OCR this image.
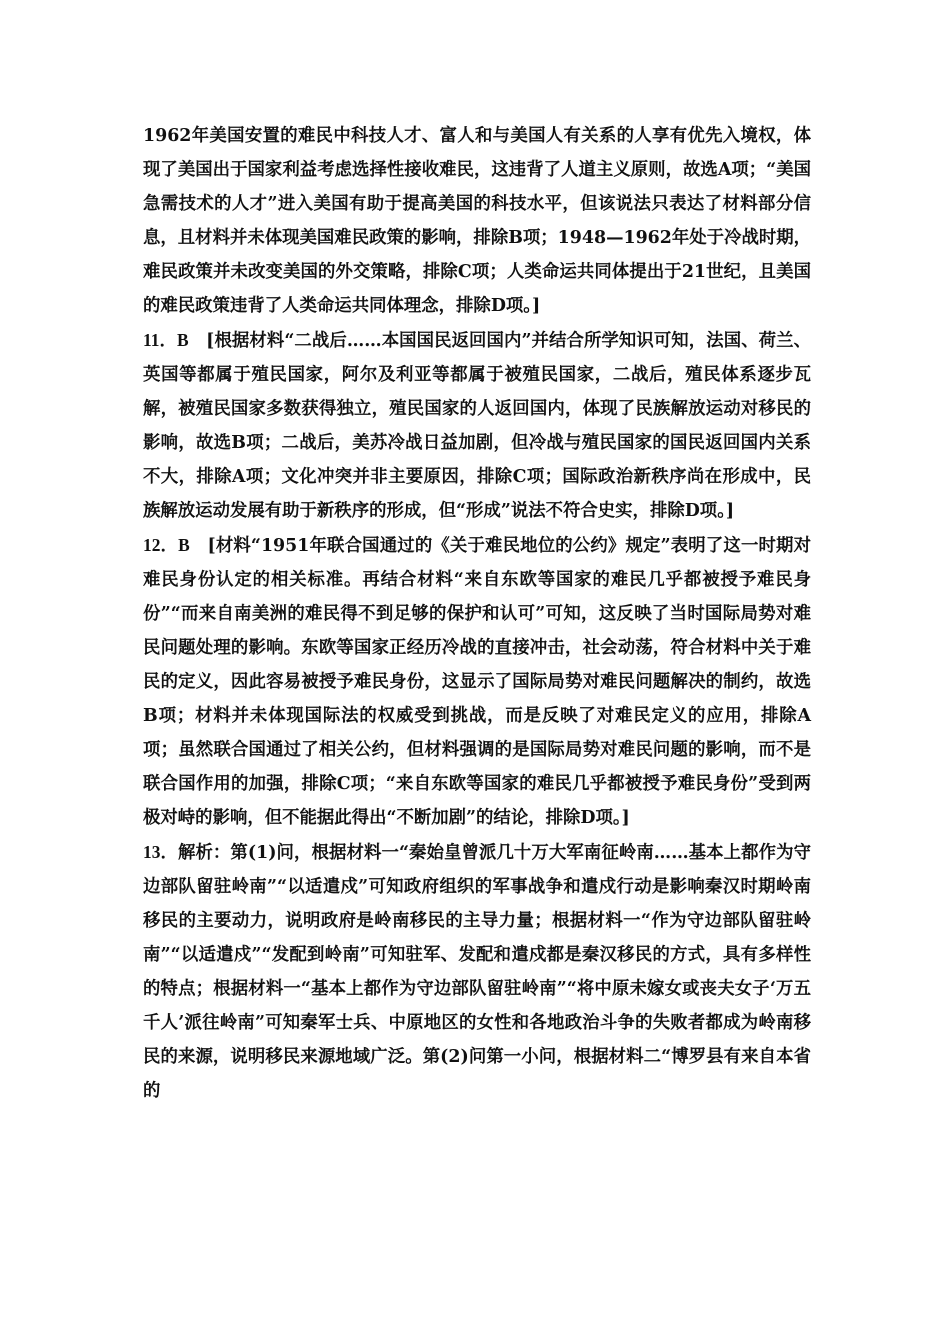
1962年美国安置的难民中科技人才、富人和与美国人有关系的人享有优先入境权，体现了美国出于国家利益考虑选择性接收难民，这违背了人道主义原则，故选A项；“美国急需技术的人才”进入美国有助于提高美国的科技水平，但该说法只表达了材料部分信息，且材料并未体现美国难民政策的影响，排除B项；1948—1962年处于冷战时期，难民政策并未改变美国的外交策略，排除C项；人类命运共同体提出于21世纪，且美国的难民政策违背了人类命运共同体理念，排除D项。]

11．B　[根据材料“二战后……本国国民返回国内”并结合所学知识可知，法国、荷兰、英国等都属于殖民国家，阿尔及利亚等都属于被殖民国家，二战后，殖民体系逐步瓦解，被殖民国家多数获得独立，殖民国家的人返回国内，体现了民族解放运动对移民的影响，故选B项；二战后，美苏冷战日益加剧，但冷战与殖民国家的国民返回国内关系不大，排除A项；文化冲突并非主要原因，排除C项；国际政治新秩序尚在形成中，民族解放运动发展有助于新秩序的形成，但“形成”说法不符合史实，排除D项。]

12．B　[材料“1951年联合国通过的《关于难民地位的公约》规定”表明了这一时期对难民身份认定的相关标准。再结合材料“来自东欧等国家的难民几乎都被授予难民身份”“而来自南美洲的难民得不到足够的保护和认可”可知，这反映了当时国际局势对难民问题处理的影响。东欧等国家正经历冷战的直接冲击，社会动荡，符合材料中关于难民的定义，因此容易被授予难民身份，这显示了国际局势对难民问题解决的制约，故选B项；材料并未体现国际法的权威受到挑战，而是反映了对难民定义的应用，排除A项；虽然联合国通过了相关公约，但材料强调的是国际局势对难民问题的影响，而不是联合国作用的加强，排除C项；“来自东欧等国家的难民几乎都被授予难民身份”受到两极对峙的影响，但不能据此得出“不断加剧”的结论，排除D项。]

13．解析：第(1)问，根据材料一“秦始皇曾派几十万大军南征岭南……基本上都作为守边部队留驻岭南”“以适遣戍”可知政府组织的军事战争和遣戍行动是影响秦汉时期岭南移民的主要动力，说明政府是岭南移民的主导力量；根据材料一“作为守边部队留驻岭南”“以适遣戍”“发配到岭南”可知驻军、发配和遣戍都是秦汉移民的方式，具有多样性的特点；根据材料一“基本上都作为守边部队留驻岭南”“将中原未嫁女或丧夫女子‘万五千人’派往岭南”可知秦军士兵、中原地区的女性和各地政治斗争的失败者都成为岭南移民的来源，说明移民来源地域广泛。第(2)问第一小问，根据材料二“博罗县有来自本省的
